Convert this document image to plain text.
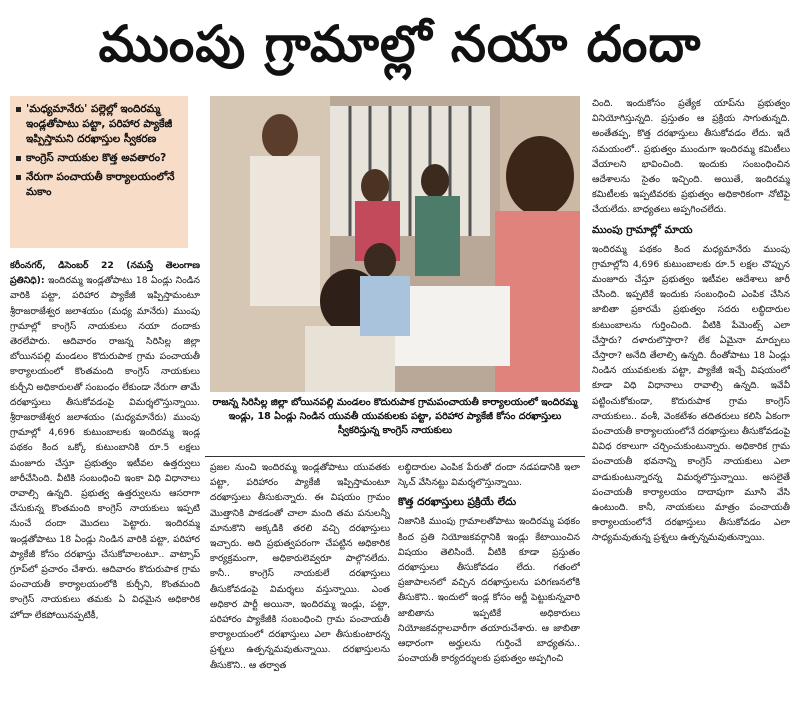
ముంపు గ్రామాల్లో నయా దందా
'మధ్యమానేరు' పల్లెల్లో ఇందిరమ్మ ఇండ్లతోపాటు పట్టా, పరిహార ప్యాకేజీ ఇప్పిస్తామని దరఖాస్తుల స్వీకరణ
కాంగ్రెస్ నాయకుల కొత్త అవతారం?
నేరుగా పంచాయతీ కార్యాలయంలోనే మకాం

కరీంనగర్, డిసెంబర్ 22 (నమస్తే తెలంగాణ ప్రతినిధి): ఇందిరమ్మ ఇండ్లతోపాటు 18 ఏండ్లు నిండిన వారికి పట్టా, పరిహార ప్యాకేజీ ఇప్పిస్తామంటూ శ్రీరాజరాజేశ్వర జలాశయం (మధ్య మానేరు) ముంపు గ్రామాల్లో కాంగ్రెస్ నాయకులు నయా దందాకు తెరలేపారు. ఆదివారం రాజన్న సిరిసిల్ల జిల్లా బోయినపల్లి మండలం కొదురుపాక గ్రామ పంచాయతీ కార్యాలయంలో కొంతమంది కాంగ్రెస్ నాయకులు కుర్చీని అధికారులతో సంబంధం లేకుండా నేరుగా తామే దరఖాస్తులు తీసుకోవడంపై విమర్శలొస్తున్నాయి. శ్రీరాజరాజేశ్వర జలాశయం (మధ్యమానేరు) ముంపు గ్రామాల్లో 4,696 కుటుంబాలకు ఇందిరమ్మ ఇండ్ల పథకం కింద ఒక్కో కుటుంబానికి రూ.5 లక్షలు మంజూరు చేస్తూ ప్రభుత్వం ఇటీవల ఉత్తర్వులు జారీచేసింది. వీటికి సంబంధించి ఇంకా విధి విధానాలు రావాల్సి ఉన్నది. ప్రభుత్వ ఉత్తర్వులను ఆసరాగా చేసుకున్న కొంతమంది కాంగ్రెస్ నాయకులు ఇప్పటి నుంచే దందా మొదలు పెట్టారు. ఇందిరమ్మ ఇండ్లతోపాటు 18 ఏండ్లు నిండిన వారికి పట్టా, పరిహార ప్యాకేజీ కోసం దరఖాస్తు చేసుకోవాలంటూ.. వాట్సాప్ గ్రూప్‌లో ప్రచారం చేశారు. ఆదివారం కొదురుపాక గ్రామ పంచాయతీ కార్యాలయంలోకి కుర్చీని, కొంతమంది కాంగ్రెస్ నాయకులు తమకు ఏ విధమైన అధికారిక హోదా లేకపోయినప్పటికీ,

రాజన్న సిరిసిల్ల జిల్లా బోయినపల్లి మండలం కొదురుపాక గ్రామపంచాయతీ కార్యాలయంలో ఇందిరమ్మ ఇండ్లు, 18 ఏండ్లు నిండిన యువతీ యువకులకు పట్టా, పరిహార ప్యాకేజీ కోసం దరఖాస్తులు స్వీకరిస్తున్న కాంగ్రెస్ నాయకులు

ప్రజల నుంచి ఇందిరమ్మ ఇండ్లతోపాటు యువతకు పట్టా, పరిహారం ప్యాకేజీ ఇప్పిస్తామంటూ దరఖాస్తులు తీసుకున్నారు. ఈ విషయం గ్రామం మొత్తానికి పాకడంతో చాలా మంది తమ పనులన్నీ మానుకొని అక్కడికి తరలి వచ్చి దరఖాస్తులు ఇచ్చారు. అది ప్రభుత్వపరంగా చేపట్టిన అధికారిక కార్యక్రమంగా, అధికారులెవ్వరూ పాల్గొనలేదు. కానీ.. కాంగ్రెస్ నాయకులే దరఖాస్తులు తీసుకోవడంపై విమర్శలు వస్తున్నాయి. ఎంత అధికార పార్టీ అయినా, ఇందిరమ్మ ఇండ్లు, పట్టా, పరిహారం ప్యాకేజీకి సంబంధించి గ్రామ పంచాయతీ కార్యాలయంలో దరఖాస్తులు ఎలా తీసుకుంటారన్న ప్రశ్నలు ఉత్పన్నమవుతున్నాయి. దరఖాస్తులను తీసుకొని.. ఆ తర్వాత

లబ్ధిదారుల ఎంపిక పేరుతో దందా నడపడానికి ఇలా స్కెచ్ వేసినట్టు విమర్శలొస్తున్నాయి.

కొత్త దరఖాస్తులు ప్రక్రియే లేదు

నిజానికి ముంపు గ్రామాలతోపాటు ఇందిరమ్మ పథకం కింద ప్రతి నియోజకవర్గానికి ఇండ్లు కేటాయించిన విషయం తెలిసిందే. వీటికి కూడా ప్రస్తుతం దరఖాస్తులు తీసుకోవడం లేదు. గతంలో ప్రజాపాలనలో వచ్చిన దరఖాస్తులను పరిగణనలోకి తీసుకొని.. ఇందులో ఇండ్ల కోసం అర్జీ పెట్టుకున్నవారి జాబితాను ఇప్పటికే అధికారులు నియోజకవర్గాలవారీగా తయారుచేశారు. ఆ జాబితా ఆధారంగా అర్హులను గుర్తించే బాధ్యతను.. పంచాయతీ కార్యదర్శులకు ప్రభుత్వం అప్పగించి

చింది. ఇందుకోసం ప్రత్యేక యాప్‌ను ప్రభుత్వం వినియోగిస్తున్నది. ప్రస్తుతం ఆ ప్రక్రియ సాగుతున్నది. అంతేతప్ప, కొత్త దరఖాస్తులు తీసుకోవడం లేదు. ఇదే సమయంలో.. ప్రభుత్వం ముందుగా ఇందిరమ్మ కమిటీలు వేయాలని భావించింది. ఇందుకు సంబంధించిన ఆదేశాలను సైతం ఇచ్చింది. అయితే, ఇందిరమ్మ కమిటీలకు ఇప్పటివరకు ప్రభుత్వం అధికారికంగా నోటిఫై చేయలేదు. బాధ్యతలు అప్పగించలేదు.

ముంపు గ్రామాల్లో మాయ

ఇందిరమ్మ పథకం కింద మధ్యమానేరు ముంపు గ్రామాల్లోని 4,696 కుటుంబాలకు రూ.5 లక్షల చొప్పున మంజూరు చేస్తూ ప్రభుత్వం ఇటీవల ఆదేశాలు జారీ చేసింది. ఇప్పటికే ఇందుకు సంబంధించి ఎంపిక చేసిన జాబితా ప్రకారమే ప్రభుత్వం సదరు లబ్ధిదారుల కుటుంబాలను గుర్తించింది. వీటికి పేమెంట్స్ ఎలా చేస్తారు? దళారులొస్తారా? లేక ఏమైనా మార్పులు చేస్తారా? అనేది తేలాల్సి ఉన్నది. దీంతోపాటు 18 ఏండ్లు నిండిన యువకులకు పట్టా, ప్యాకేజీ ఇచ్చే విషయంలో కూడా విధి విధానాలు రావాల్సి ఉన్నది. ఇవేవీ పట్టించుకోకుండా, కొదురుపాక గ్రామ కాంగ్రెస్ నాయకులు.. వంశీ, వెంకటేశం తదితరులు కలిసి ఏకంగా పంచాయతీ కార్యాలయంలోనే దరఖాస్తులు తీసుకోవడంపై వివిధ రకాలుగా చర్చించుకుంటున్నారు. అధికారిక గ్రామ పంచాయతీ భవనాన్ని కాంగ్రెస్ నాయకులు ఎలా వాడుకుంటున్నారన్న విమర్శలొస్తున్నాయి. అసలైతే పంచాయతీ కార్యాలయం దాదాపుగా మూసి వేసి ఉంటుంది. కానీ, నాయకులు మాత్రం పంచాయతీ కార్యాలయంలోనే దరఖాస్తులు తీసుకోవడం ఎలా సాధ్యమవుతున్న ప్రశ్నలు ఉత్పన్నమవుతున్నాయి.
